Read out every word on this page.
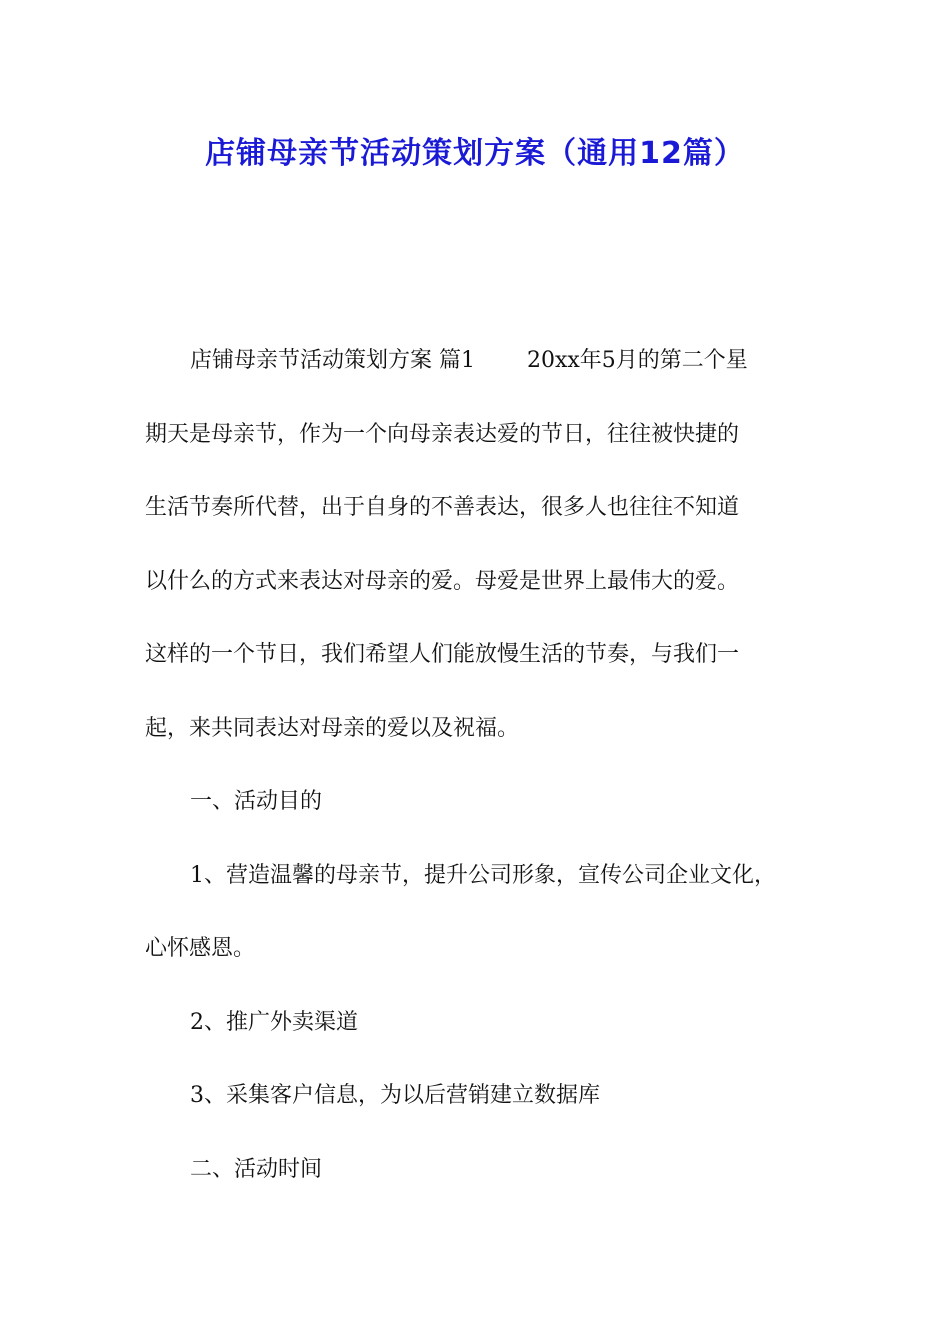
店铺母亲节活动策划方案（通用12篇）

店铺母亲节活动策划方案 篇1 20xx年5月的第二个星

期天是母亲节，作为一个向母亲表达爱的节日，往往被快捷的

生活节奏所代替，出于自身的不善表达，很多人也往往不知道

以什么的方式来表达对母亲的爱。母爱是世界上最伟大的爱。

这样的一个节日，我们希望人们能放慢生活的节奏，与我们一

起，来共同表达对母亲的爱以及祝福。

一、活动目的

1、营造温馨的母亲节，提升公司形象，宣传公司企业文化，

心怀感恩。

2、推广外卖渠道

3、采集客户信息，为以后营销建立数据库

二、活动时间
